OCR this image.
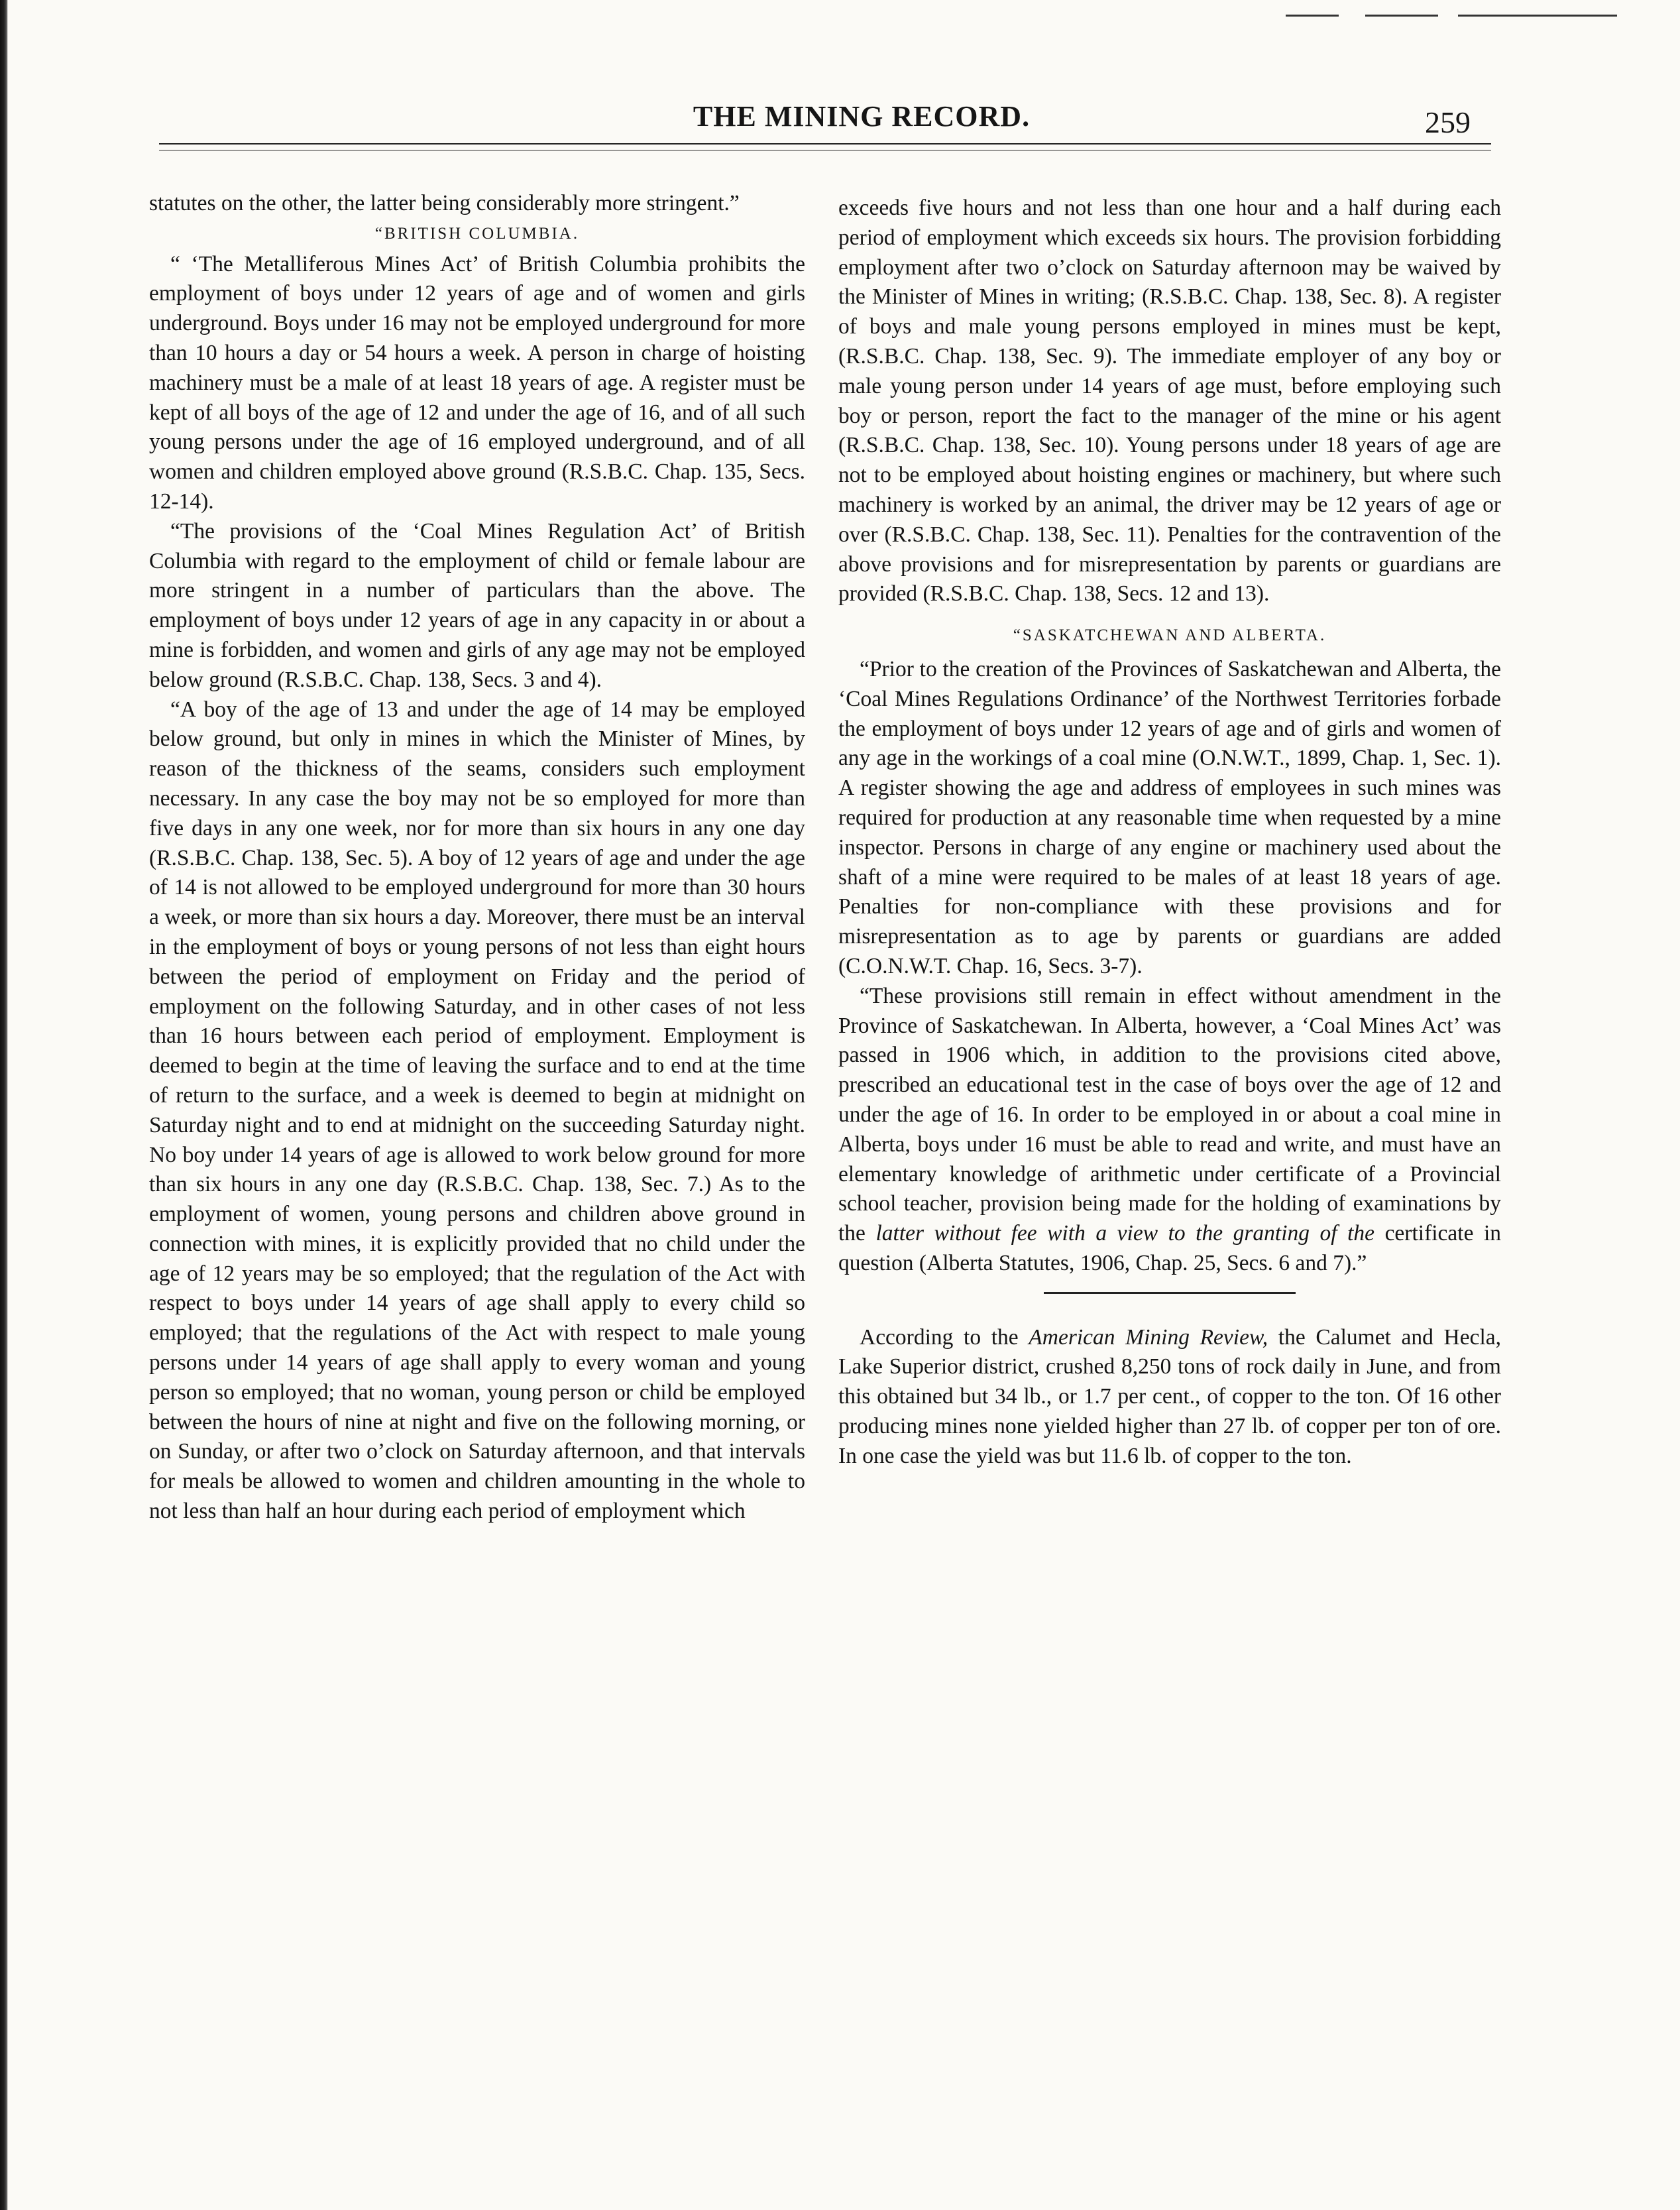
THE MINING RECORD.	259

statutes on the other, the latter being considerably more stringent.”

“BRITISH COLUMBIA.

“ ‘The Metalliferous Mines Act’ of British Columbia prohibits the employment of boys under 12 years of age and of women and girls underground. Boys under 16 may not be employed underground for more than 10 hours a day or 54 hours a week. A person in charge of hoisting machinery must be a male of at least 18 years of age. A register must be kept of all boys of the age of 12 and under the age of 16, and of all such young persons under the age of 16 employed underground, and of all women and children employed above ground (R.S.B.C. Chap. 135, Secs. 12-14).

“The provisions of the ‘Coal Mines Regulation Act’ of British Columbia with regard to the employment of child or female labour are more stringent in a number of particulars than the above. The employment of boys under 12 years of age in any capacity in or about a mine is forbidden, and women and girls of any age may not be employed below ground (R.S.B.C. Chap. 138, Secs. 3 and 4).

“A boy of the age of 13 and under the age of 14 may be employed below ground, but only in mines in which the Minister of Mines, by reason of the thickness of the seams, considers such employment necessary. In any case the boy may not be so employed for more than five days in any one week, nor for more than six hours in any one day (R.S.B.C. Chap. 138, Sec. 5). A boy of 12 years of age and under the age of 14 is not allowed to be employed underground for more than 30 hours a week, or more than six hours a day. Moreover, there must be an interval in the employment of boys or young persons of not less than eight hours between the period of employment on Friday and the period of employment on the following Saturday, and in other cases of not less than 16 hours between each period of employment. Employment is deemed to begin at the time of leaving the surface and to end at the time of return to the surface, and a week is deemed to begin at midnight on Saturday night and to end at midnight on the succeeding Saturday night. No boy under 14 years of age is allowed to work below ground for more than six hours in any one day (R.S.B.C. Chap. 138, Sec. 7.) As to the employment of women, young persons and children above ground in connection with mines, it is explicitly provided that no child under the age of 12 years may be so employed; that the regulation of the Act with respect to boys under 14 years of age shall apply to every child so employed; that the regulations of the Act with respect to male young persons under 14 years of age shall apply to every woman and young person so employed; that no woman, young person or child be employed between the hours of nine at night and five on the following morning, or on Sunday, or after two o’clock on Saturday afternoon, and that intervals for meals be allowed to women and children amounting in the whole to not less than half an hour during each period of employment which

exceeds five hours and not less than one hour and a half during each period of employment which exceeds six hours. The provision forbidding employment after two o’clock on Saturday afternoon may be waived by the Minister of Mines in writing; (R.S.B.C. Chap. 138, Sec. 8). A register of boys and male young persons employed in mines must be kept, (R.S.B.C. Chap. 138, Sec. 9). The immediate employer of any boy or male young person under 14 years of age must, before employing such boy or person, report the fact to the manager of the mine or his agent (R.S.B.C. Chap. 138, Sec. 10). Young persons under 18 years of age are not to be employed about hoisting engines or machinery, but where such machinery is worked by an animal, the driver may be 12 years of age or over (R.S.B.C. Chap. 138, Sec. 11). Penalties for the contravention of the above provisions and for misrepresentation by parents or guardians are provided (R.S.B.C. Chap. 138, Secs. 12 and 13).

“SASKATCHEWAN AND ALBERTA.

“Prior to the creation of the Provinces of Saskatchewan and Alberta, the ‘Coal Mines Regulations Ordinance’ of the Northwest Territories forbade the employment of boys under 12 years of age and of girls and women of any age in the workings of a coal mine (O.N.W.T., 1899, Chap. 1, Sec. 1). A register showing the age and address of employees in such mines was required for production at any reasonable time when requested by a mine inspector. Persons in charge of any engine or machinery used about the shaft of a mine were required to be males of at least 18 years of age. Penalties for non-compliance with these provisions and for misrepresentation as to age by parents or guardians are added (C.O.N.W.T. Chap. 16, Secs. 3-7).

“These provisions still remain in effect without amendment in the Province of Saskatchewan. In Alberta, however, a ‘Coal Mines Act’ was passed in 1906 which, in addition to the provisions cited above, prescribed an educational test in the case of boys over the age of 12 and under the age of 16. In order to be employed in or about a coal mine in Alberta, boys under 16 must be able to read and write, and must have an elementary knowledge of arithmetic under certificate of a Provincial school teacher, provision being made for the holding of examinations by the latter without fee with a view to the granting of the certificate in question (Alberta Statutes, 1906, Chap. 25, Secs. 6 and 7).”

According to the American Mining Review, the Calumet and Hecla, Lake Superior district, crushed 8,250 tons of rock daily in June, and from this obtained but 34 lb., or 1.7 per cent., of copper to the ton. Of 16 other producing mines none yielded higher than 27 lb. of copper per ton of ore. In one case the yield was but 11.6 lb. of copper to the ton.
